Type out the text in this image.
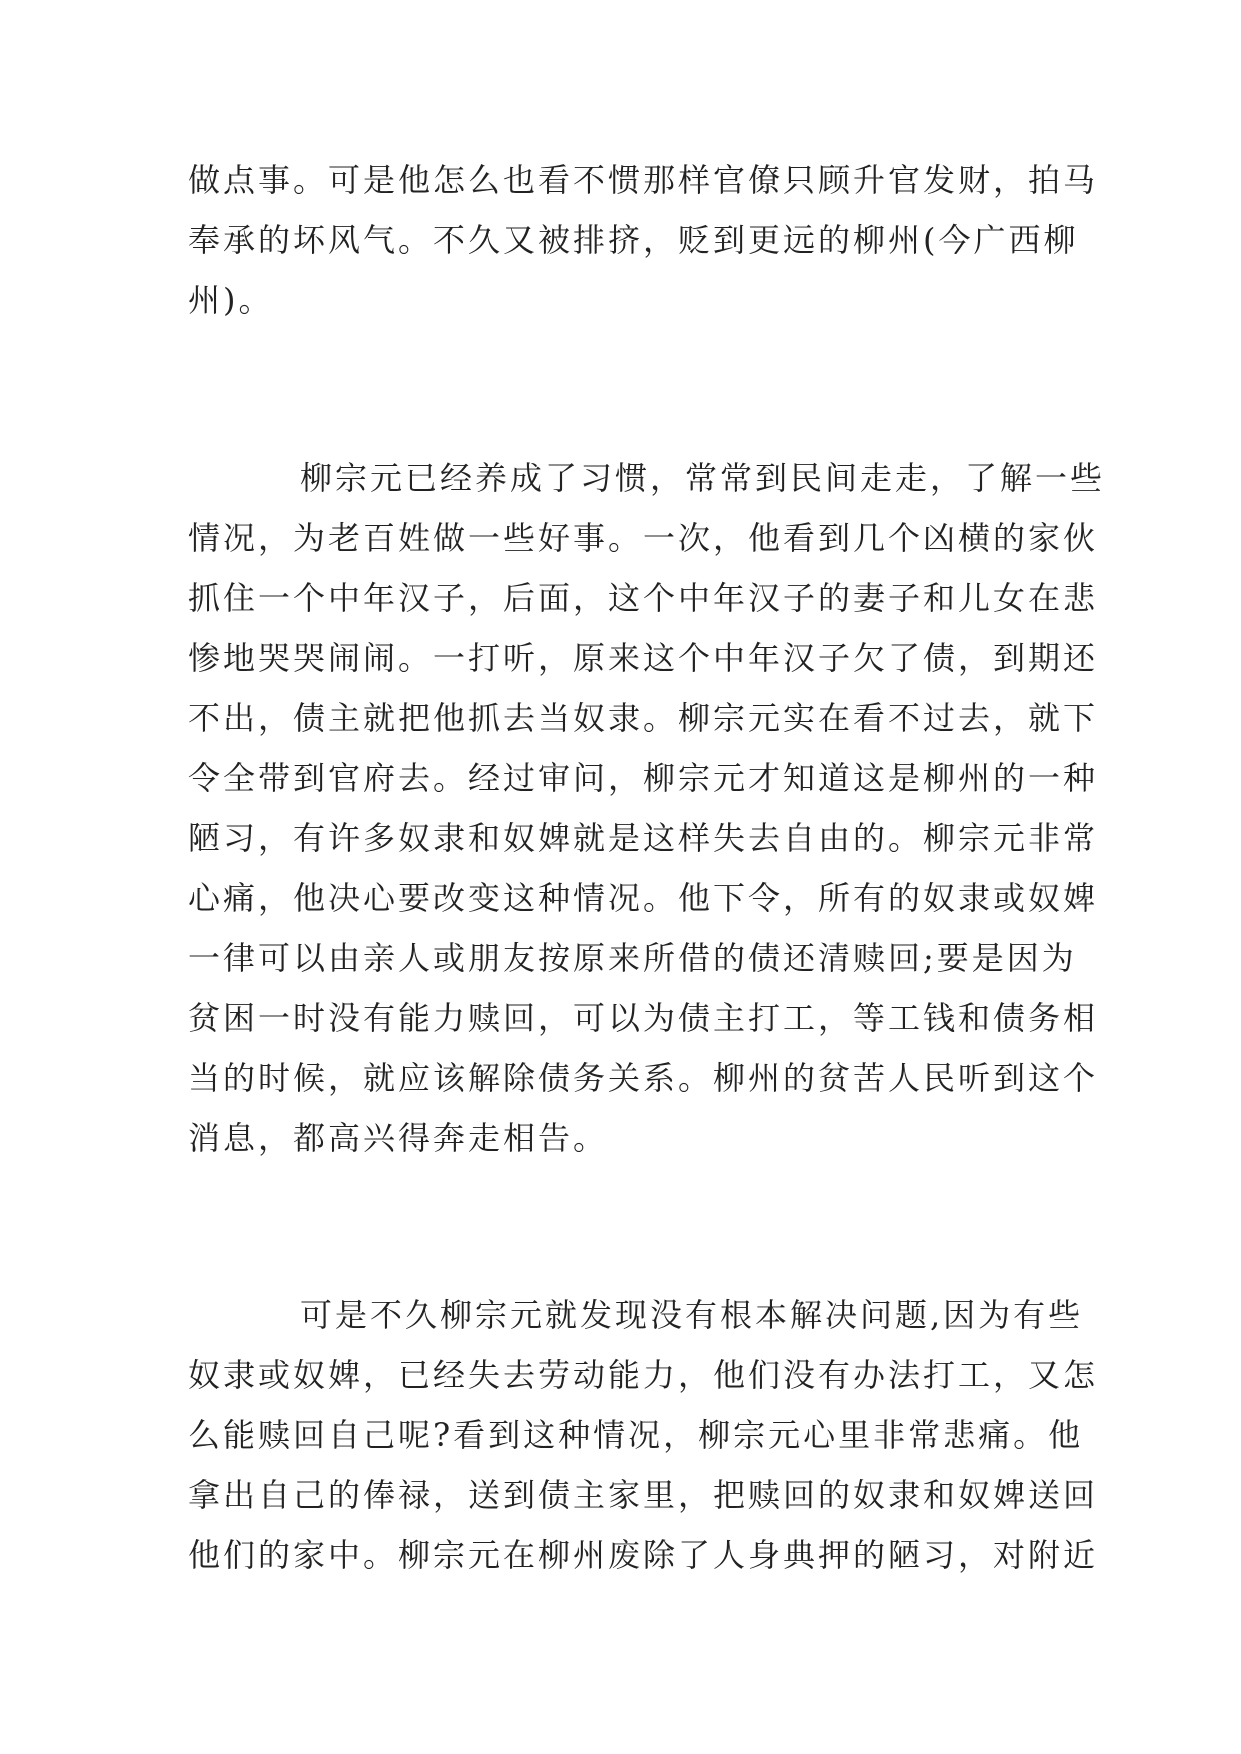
做点事。可是他怎么也看不惯那样官僚只顾升官发财，拍马
奉承的坏风气。不久又被排挤，贬到更远的柳州(今广西柳
州)。
柳宗元已经养成了习惯，常常到民间走走，了解一些
情况，为老百姓做一些好事。一次，他看到几个凶横的家伙
抓住一个中年汉子，后面，这个中年汉子的妻子和儿女在悲
惨地哭哭闹闹。一打听，原来这个中年汉子欠了债，到期还
不出，债主就把他抓去当奴隶。柳宗元实在看不过去，就下
令全带到官府去。经过审问，柳宗元才知道这是柳州的一种
陋习，有许多奴隶和奴婢就是这样失去自由的。柳宗元非常
心痛，他决心要改变这种情况。他下令，所有的奴隶或奴婢
一律可以由亲人或朋友按原来所借的债还清赎回;要是因为
贫困一时没有能力赎回，可以为债主打工，等工钱和债务相
当的时候，就应该解除债务关系。柳州的贫苦人民听到这个
消息，都高兴得奔走相告。
可是不久柳宗元就发现没有根本解决问题,因为有些
奴隶或奴婢，已经失去劳动能力，他们没有办法打工，又怎
么能赎回自己呢?看到这种情况，柳宗元心里非常悲痛。他
拿出自己的俸禄，送到债主家里，把赎回的奴隶和奴婢送回
他们的家中。柳宗元在柳州废除了人身典押的陋习，对附近
